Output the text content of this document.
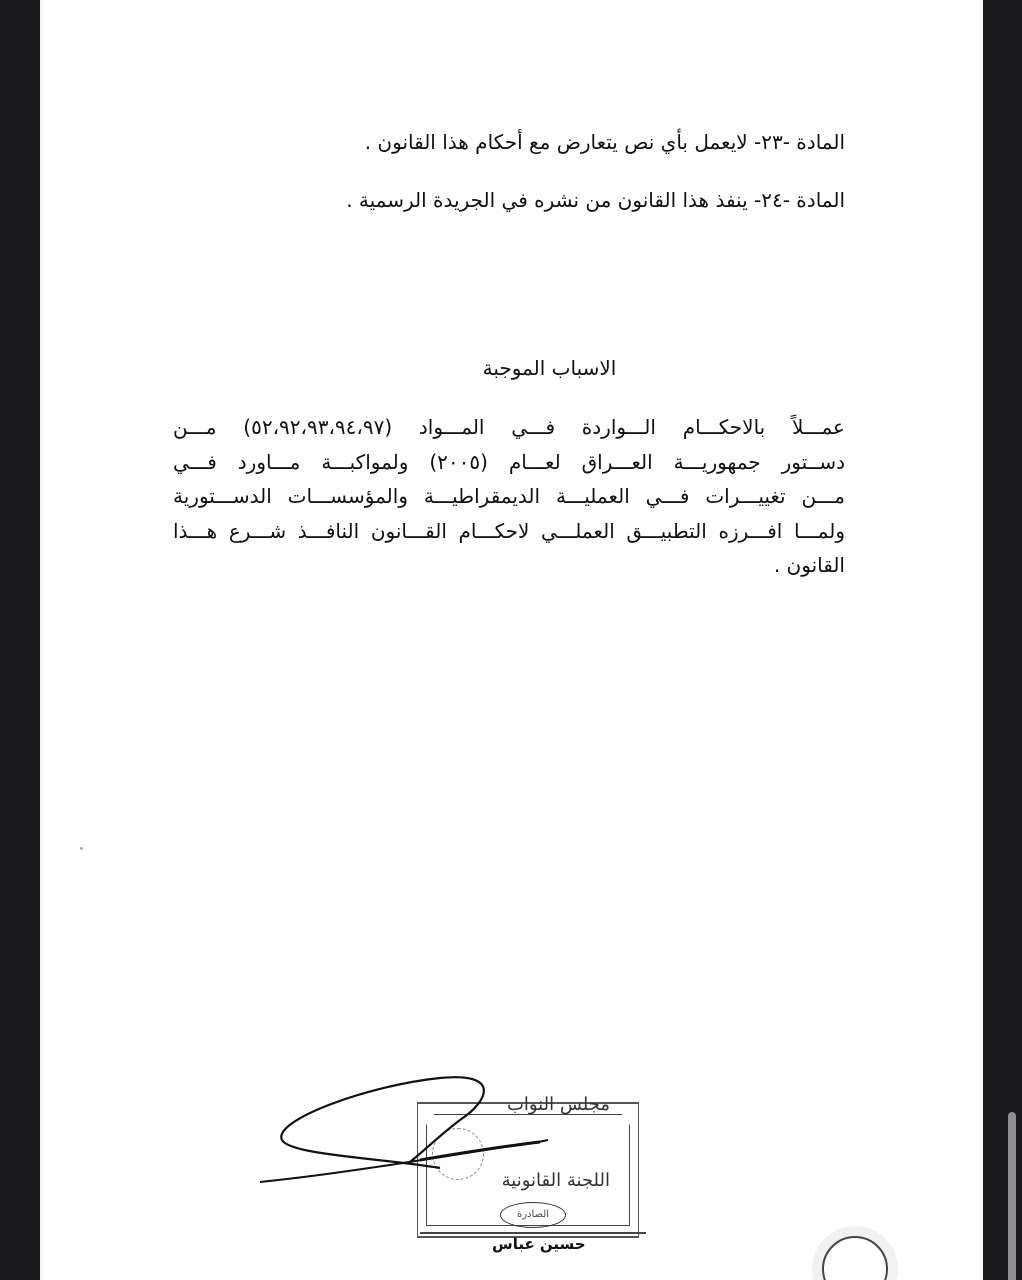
المادة -٢٣- لايعمل بأي نص يتعارض مع أحكام هذا القانون .
المادة -٢٤- ينفذ هذا القانون من نشره في الجريدة الرسمية .
الاسباب الموجبة
عمـــلاً بالاحكـــام الـــواردة فـــي المـــواد (٥٢،٩٢،٩٣،٩٤،٩٧) مـــن
دســتور جمهوريـــة العـــراق لعـــام (٢٠٠٥) ولمواكبـــة مـــاورد فـــي
مـــن تغييـــرات فـــي العمليـــة الديمقراطيـــة والمؤسســـات الدســـتورية
ولمـــا افـــرزه التطبيـــق العملـــي لاحكـــام القـــانون النافـــذ شـــرع هـــذا
القانون .
مجلس النواب
اللجنة القانونية
الصادرة
حسين عباس
